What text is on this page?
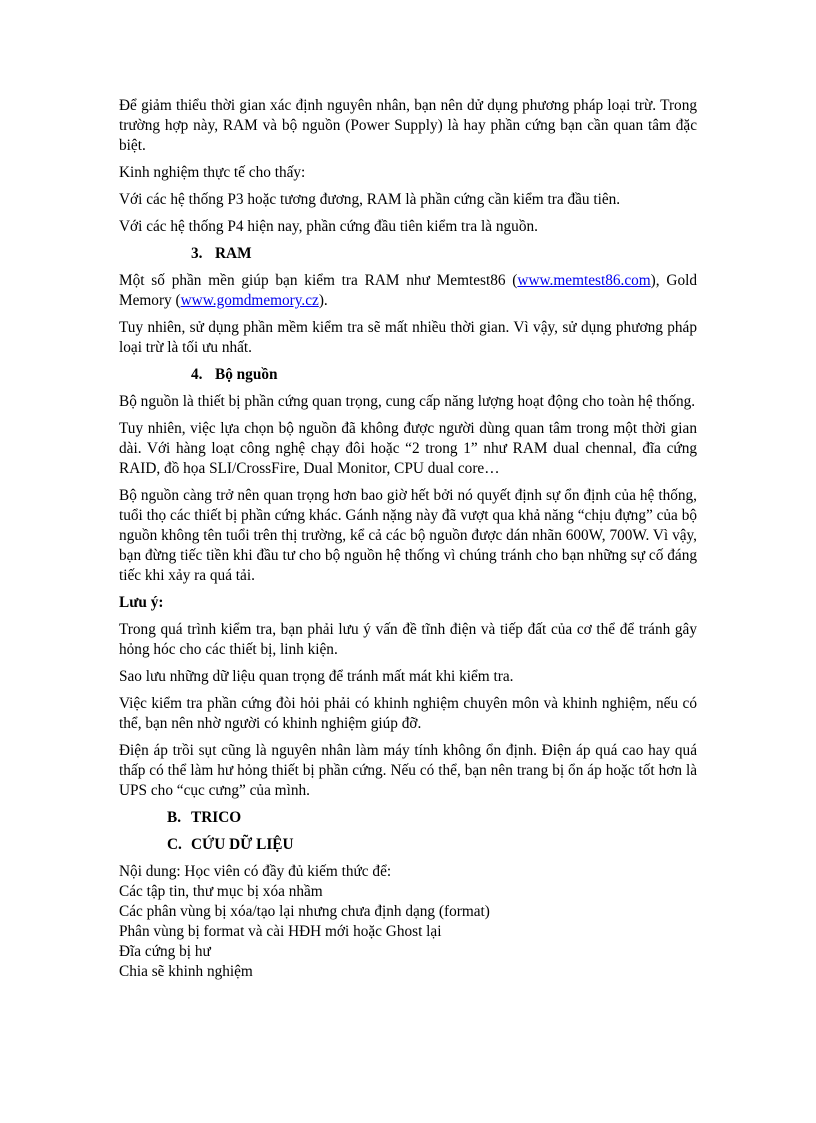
Để giảm thiểu thời gian xác định nguyên nhân, bạn nên dử dụng phương pháp loại trừ. Trong trường hợp này, RAM và bộ nguồn (Power Supply) là hay phần cứng bạn cần quan tâm đặc biệt.

Kinh nghiệm thực tế cho thấy:

Với các hệ thống P3 hoặc tương đương, RAM là phần cứng cần kiểm tra đầu tiên.

Với các hệ thống P4 hiện nay, phần cứng đầu tiên kiểm tra là nguồn.

3. RAM

Một số phần mền giúp bạn kiểm tra RAM như Memtest86 (www.memtest86.com), Gold Memory (www.gomdmemory.cz).

Tuy nhiên, sử dụng phần mềm kiểm tra sẽ mất nhiều thời gian. Vì vậy, sử dụng phương pháp loại trừ là tối ưu nhất.

4. Bộ nguồn

Bộ nguồn là thiết bị phần cứng quan trọng, cung cấp năng lượng hoạt động cho toàn hệ thống.

Tuy nhiên, việc lựa chọn bộ nguồn đã không được người dùng quan tâm trong một thời gian dài. Với hàng loạt công nghệ chạy đôi hoặc “2 trong 1” như RAM dual chennal, đĩa cứng RAID, đồ họa SLI/CrossFire, Dual Monitor, CPU dual core…

Bộ nguồn càng trở nên quan trọng hơn bao giờ hết bởi nó quyết định sự ổn định của hệ thống, tuổi thọ các thiết bị phần cứng khác. Gánh nặng này đã vượt qua khả năng “chịu đựng” của bộ nguồn không tên tuổi trên thị trường, kể cả các bộ nguồn được dán nhãn 600W, 700W. Vì vậy, bạn đừng tiếc tiền khi đầu tư cho bộ nguồn hệ thống vì chúng tránh cho bạn những sự cố đáng tiếc khi xảy ra quá tải.

Lưu ý:

Trong quá trình kiểm tra, bạn phải lưu ý vấn đề tĩnh điện và tiếp đất của cơ thể để tránh gây hỏng hóc cho các thiết bị, linh kiện.

Sao lưu những dữ liệu quan trọng để tránh mất mát khi kiểm tra.

Việc kiểm tra phần cứng đòi hỏi phải có khinh nghiệm chuyên môn và khinh nghiệm, nếu có thể, bạn nên nhờ người có khinh nghiệm giúp đỡ.

Điện áp trồi sụt cũng là nguyên nhân làm máy tính không ổn định. Điện áp quá cao hay quá thấp có thể làm hư hỏng thiết bị phần cứng. Nếu có thể, bạn nên trang bị ổn áp hoặc tốt hơn là UPS cho “cục cưng” của mình.

B. TRICO
C. CỨU DỮ LIỆU
Nội dung: Học viên có đầy đủ kiếm thức để:
Các tập tin, thư mục bị xóa nhầm
Các phân vùng bị xóa/tạo lại nhưng chưa định dạng (format)
Phân vùng bị format và cài HĐH mới hoặc Ghost lại
Đĩa cứng bị hư
Chia sẽ khinh nghiệm
